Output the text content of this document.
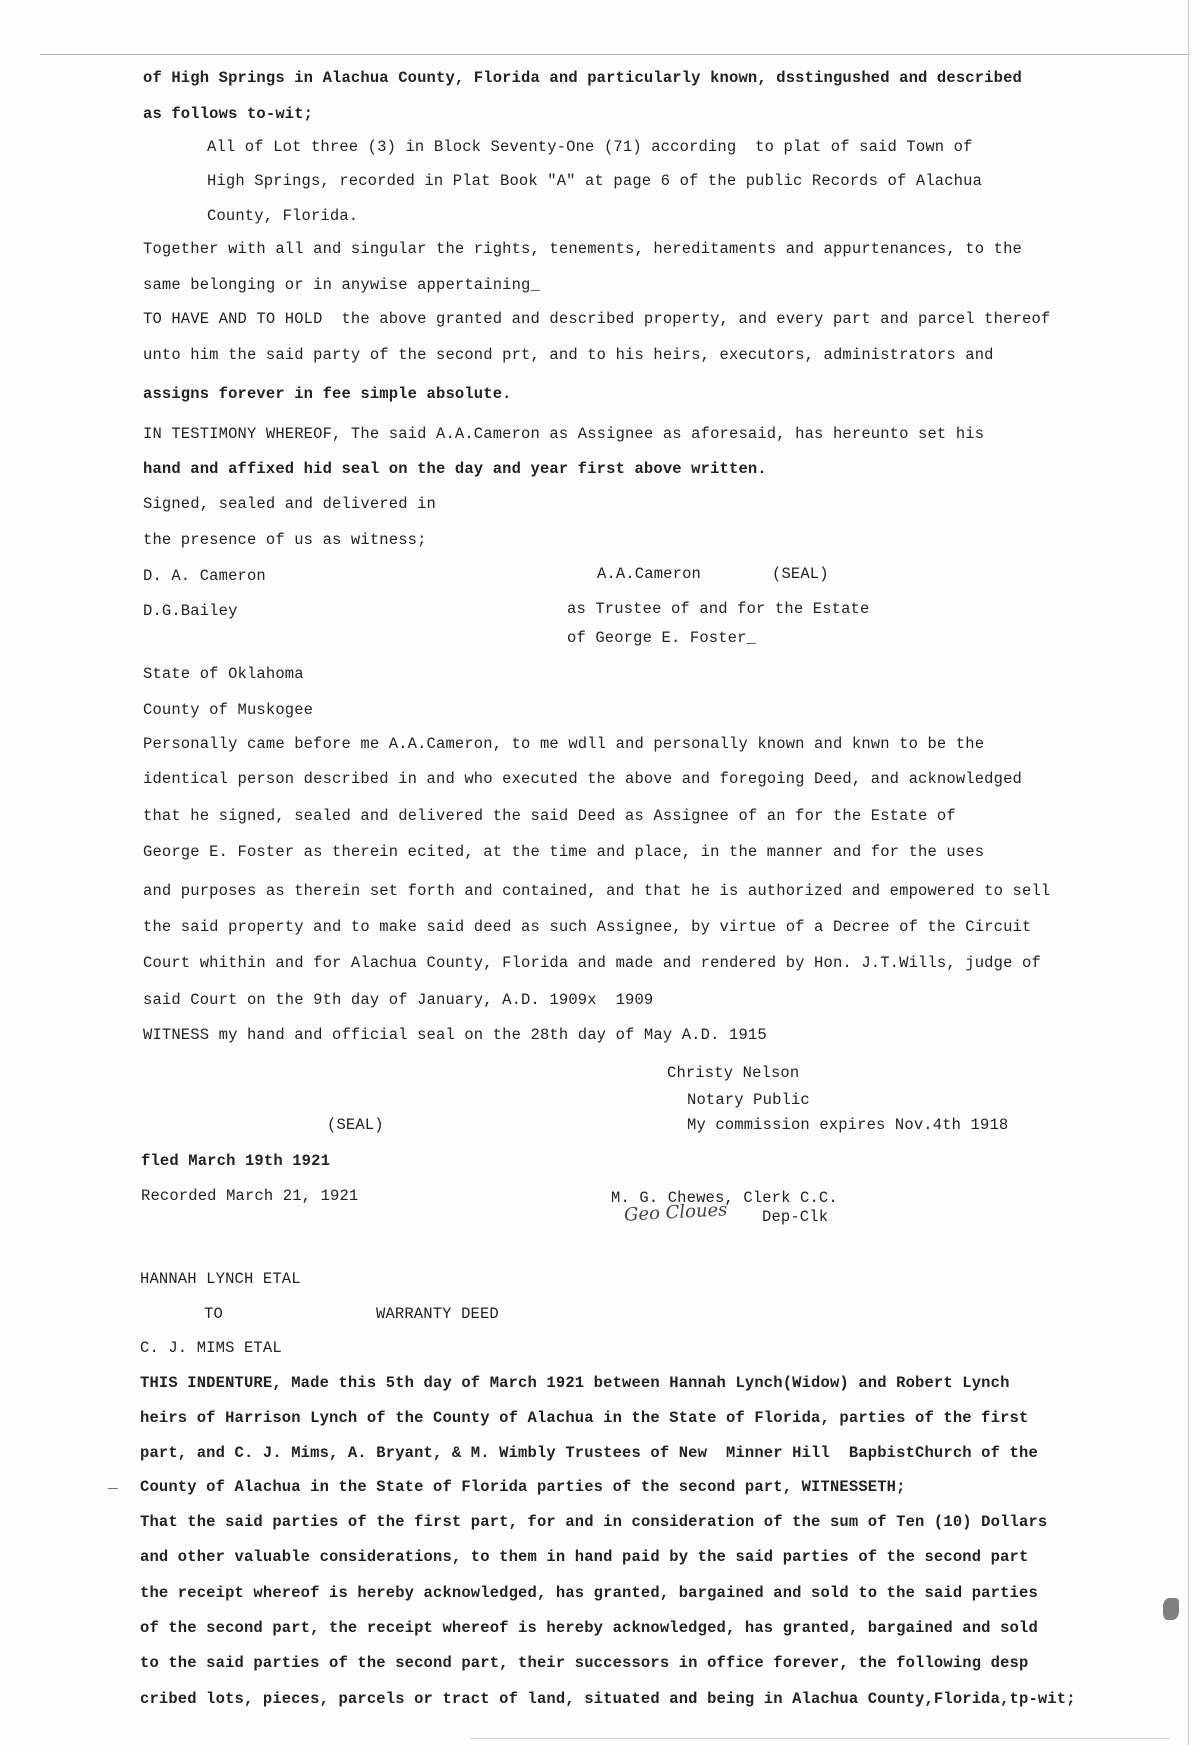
of High Springs in Alachua County, Florida and particularly known, dsstingushed and described
as follows to-wit;
All of Lot three (3) in Block Seventy-One (71) according  to plat of said Town of
High Springs, recorded in Plat Book "A" at page 6 of the public Records of Alachua
County, Florida.
Together with all and singular the rights, tenements, hereditaments and appurtenances, to the
same belonging or in anywise appertaining_
TO HAVE AND TO HOLD  the above granted and described property, and every part and parcel thereof
unto him the said party of the second prt, and to his heirs, executors, administrators and
assigns forever in fee simple absolute.
IN TESTIMONY WHEREOF, The said A.A.Cameron as Assignee as aforesaid, has hereunto set his
hand and affixed hid seal on the day and year first above written.
Signed, sealed and delivered in
the presence of us as witness;
D. A. Cameron	A.A.Cameron	(SEAL)
D.G.Bailey	as Trustee of and for the Estate
of George E. Foster_
State of Oklahoma
County of Muskogee
Personally came before me A.A.Cameron, to me wdll and personally known and knwn to be the
identical person described in and who executed the above and foregoing Deed, and acknowledged
that he signed, sealed and delivered the said Deed as Assignee of an for the Estate of
George E. Foster as therein ecited, at the time and place, in the manner and for the uses
and purposes as therein set forth and contained, and that he is authorized and empowered to sell
the said property and to make said deed as such Assignee, by virtue of a Decree of the Circuit
Court whithin and for Alachua County, Florida and made and rendered by Hon. J.T.Wills, judge of
said Court on the 9th day of January, A.D. 1909x  1909
WITNESS my hand and official seal on the 28th day of May A.D. 1915
Christy Nelson
Notary Public
(SEAL)	My commission expires Nov.4th 1918
fled March 19th 1921
Recorded March 21, 1921	M. G. Chewes, Clerk C.C.
Dep-Clk
Geo Cloues
HANNAH LYNCH ETAL
TO	WARRANTY DEED
C. J. MIMS ETAL
THIS INDENTURE, Made this 5th day of March 1921 between Hannah Lynch(Widow) and Robert Lynch
heirs of Harrison Lynch of the County of Alachua in the State of Florida, parties of the first
part, and C. J. Mims, A. Bryant, & M. Wimbly Trustees of New  Minner Hill  BapbistChurch of the
County of Alachua in the State of Florida parties of the second part, WITNESSETH;
That the said parties of the first part, for and in consideration of the sum of Ten (10) Dollars
and other valuable considerations, to them in hand paid by the said parties of the second part
the receipt whereof is hereby acknowledged, has granted, bargained and sold to the said parties
of the second part, the receipt whereof is hereby acknowledged, has granted, bargained and sold
to the said parties of the second part, their successors in office forever, the following desp
cribed lots, pieces, parcels or tract of land, situated and being in Alachua County,Florida,tp-wit;
